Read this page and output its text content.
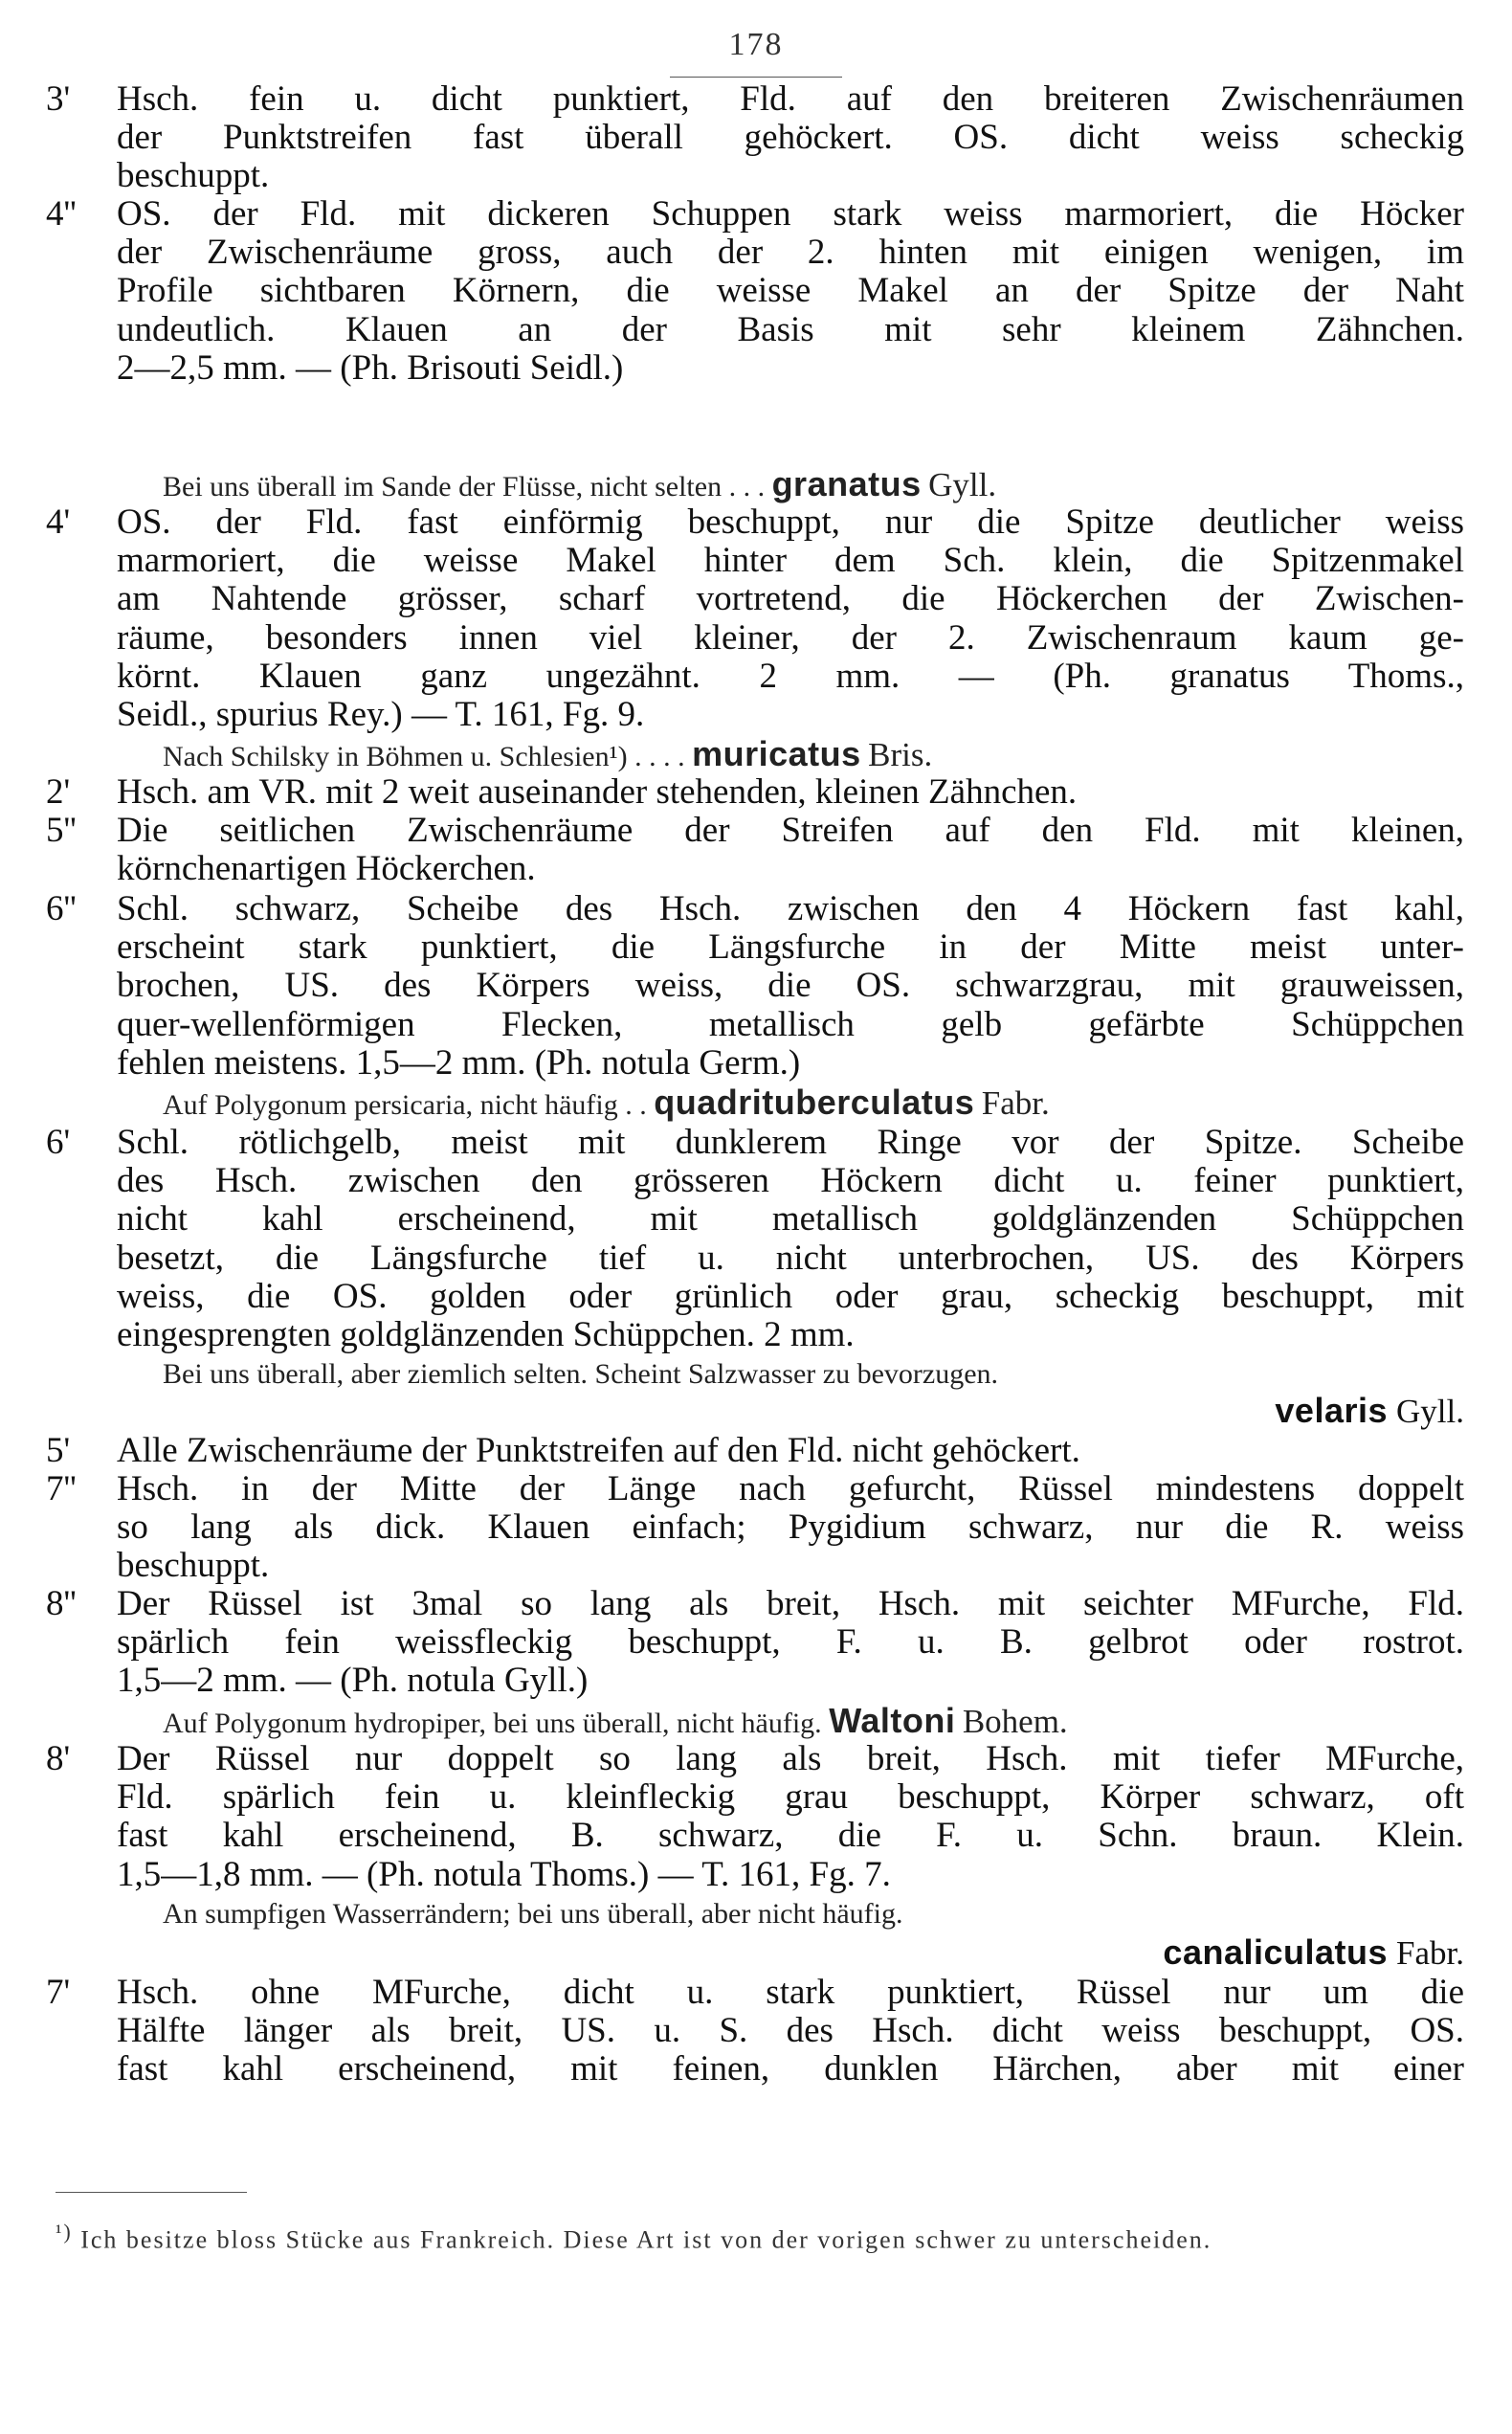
178
3'	Hsch. fein u. dicht punktiert, Fld. auf den breiteren Zwischenräumen
der Punktstreifen fast überall gehöckert. OS. dicht weiss scheckig
beschuppt.
4''	OS. der Fld. mit dickeren Schuppen stark weiss marmoriert, die Höcker
der Zwischenräume gross, auch der 2. hinten mit einigen wenigen, im
Profile sichtbaren Körnern, die weisse Makel an der Spitze der Naht
undeutlich. Klauen an der Basis mit sehr kleinem Zähnchen.
2—2,5 mm. — (Ph. Brisouti Seidl.)
Bei uns überall im Sande der Flüsse, nicht selten . . . granatus Gyll.
4'	OS. der Fld. fast einförmig beschuppt, nur die Spitze deutlicher weiss
marmoriert, die weisse Makel hinter dem Sch. klein, die Spitzenmakel
am Nahtende grösser, scharf vortretend, die Höckerchen der Zwischen-
räume, besonders innen viel kleiner, der 2. Zwischenraum kaum ge-
körnt. Klauen ganz ungezähnt. 2 mm. — (Ph. granatus Thoms.,
Seidl., spurius Rey.) — T. 161, Fg. 9.
Nach Schilsky in Böhmen u. Schlesien¹) . . . . muricatus Bris.
2'	Hsch. am VR. mit 2 weit auseinander stehenden, kleinen Zähnchen.
5''	Die seitlichen Zwischenräume der Streifen auf den Fld. mit kleinen,
körnchenartigen Höckerchen.
6''	Schl. schwarz, Scheibe des Hsch. zwischen den 4 Höckern fast kahl,
erscheint stark punktiert, die Längsfurche in der Mitte meist unter-
brochen, US. des Körpers weiss, die OS. schwarzgrau, mit grauweissen,
quer-wellenförmigen Flecken, metallisch gelb gefärbte Schüppchen
fehlen meistens. 1,5—2 mm. (Ph. notula Germ.)
Auf Polygonum persicaria, nicht häufig . . quadrituberculatus Fabr.
6'	Schl. rötlichgelb, meist mit dunklerem Ringe vor der Spitze. Scheibe
des Hsch. zwischen den grösseren Höckern dicht u. feiner punktiert,
nicht kahl erscheinend, mit metallisch goldglänzenden Schüppchen
besetzt, die Längsfurche tief u. nicht unterbrochen, US. des Körpers
weiss, die OS. golden oder grünlich oder grau, scheckig beschuppt, mit
eingesprengten goldglänzenden Schüppchen. 2 mm.
Bei uns überall, aber ziemlich selten. Scheint Salzwasser zu bevorzugen.
velaris Gyll.
5'	Alle Zwischenräume der Punktstreifen auf den Fld. nicht gehöckert.
7''	Hsch. in der Mitte der Länge nach gefurcht, Rüssel mindestens doppelt
so lang als dick. Klauen einfach; Pygidium schwarz, nur die R. weiss
beschuppt.
8''	Der Rüssel ist 3mal so lang als breit, Hsch. mit seichter MFurche, Fld.
spärlich fein weissfleckig beschuppt, F. u. B. gelbrot oder rostrot.
1,5—2 mm. — (Ph. notula Gyll.)
Auf Polygonum hydropiper, bei uns überall, nicht häufig. Waltoni Bohem.
8'	Der Rüssel nur doppelt so lang als breit, Hsch. mit tiefer MFurche,
Fld. spärlich fein u. kleinfleckig grau beschuppt, Körper schwarz, oft
fast kahl erscheinend, B. schwarz, die F. u. Schn. braun. Klein.
1,5—1,8 mm. — (Ph. notula Thoms.) — T. 161, Fg. 7.
An sumpfigen Wasserrändern; bei uns überall, aber nicht häufig.
canaliculatus Fabr.
7'	Hsch. ohne MFurche, dicht u. stark punktiert, Rüssel nur um die
Hälfte länger als breit, US. u. S. des Hsch. dicht weiss beschuppt, OS.
fast kahl erscheinend, mit feinen, dunklen Härchen, aber mit einer
$^{^1)}$ Ich besitze bloss Stücke aus Frankreich. Diese Art ist von der vorigen schwer zu unterscheiden.
